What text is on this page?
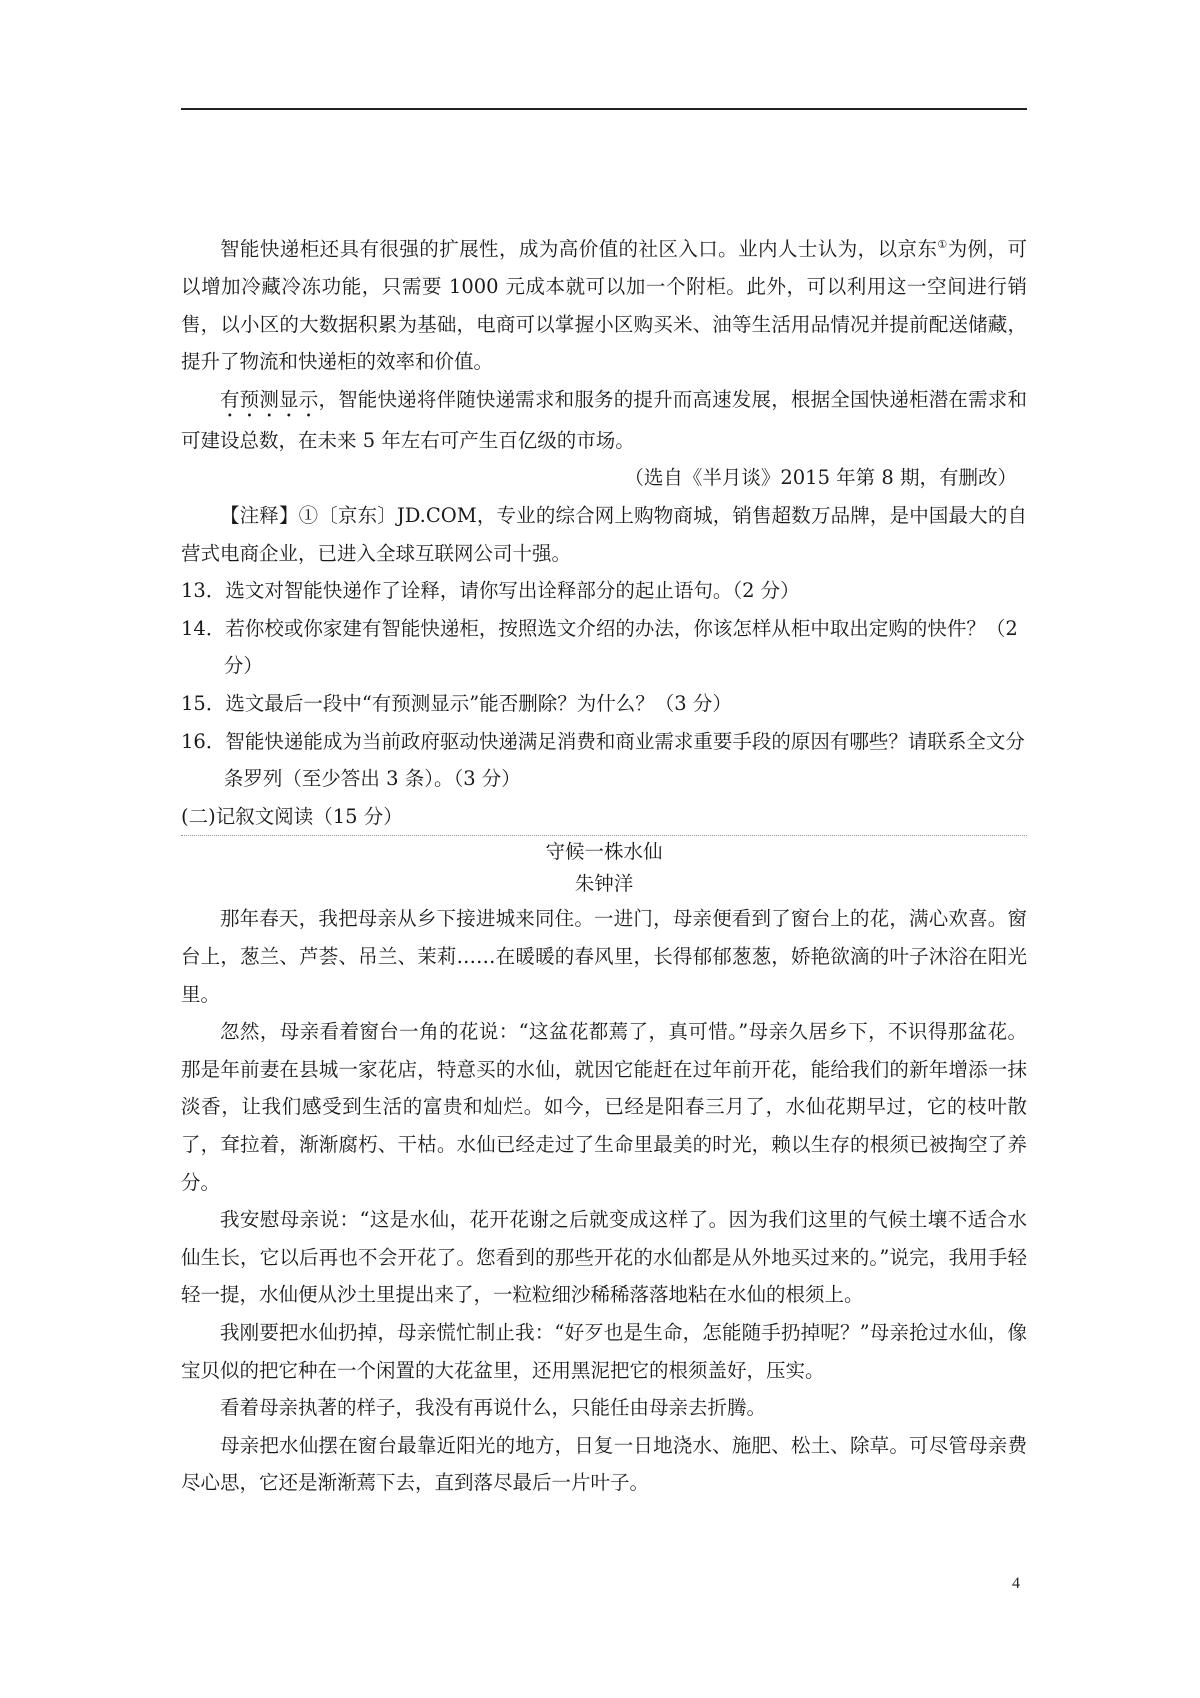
智能快递柜还具有很强的扩展性，成为高价值的社区入口。业内人士认为，以京东①为例，可以增加冷藏冷冻功能，只需要 1000 元成本就可以加一个附柜。此外，可以利用这一空间进行销售，以小区的大数据积累为基础，电商可以掌握小区购买米、油等生活用品情况并提前配送储藏，提升了物流和快递柜的效率和价值。

有预测显示，智能快递将伴随快递需求和服务的提升而高速发展，根据全国快递柜潜在需求和可建设总数，在未来 5 年左右可产生百亿级的市场。

（选自《半月谈》2015 年第 8 期，有删改）

【注释】①〔京东〕JD.COM，专业的综合网上购物商城，销售超数万品牌，是中国最大的自营式电商企业，已进入全球互联网公司十强。

13．选文对智能快递作了诠释，请你写出诠释部分的起止语句。（2 分）

14．若你校或你家建有智能快递柜，按照选文介绍的办法，你该怎样从柜中取出定购的快件？（2 分）

15．选文最后一段中“有预测显示”能否删除？为什么？（3 分）

16．智能快递能成为当前政府驱动快递满足消费和商业需求重要手段的原因有哪些？请联系全文分条罗列（至少答出 3 条）。（3 分）

(二)记叙文阅读（15 分）

守候一株水仙

朱钟洋

那年春天，我把母亲从乡下接进城来同住。一进门，母亲便看到了窗台上的花，满心欢喜。窗台上，葱兰、芦荟、吊兰、茉莉……在暖暖的春风里，长得郁郁葱葱，娇艳欲滴的叶子沐浴在阳光里。

忽然，母亲看着窗台一角的花说：“这盆花都蔫了，真可惜。”母亲久居乡下，不识得那盆花。那是年前妻在县城一家花店，特意买的水仙，就因它能赶在过年前开花，能给我们的新年增添一抹淡香，让我们感受到生活的富贵和灿烂。如今，已经是阳春三月了，水仙花期早过，它的枝叶散了，耷拉着，渐渐腐朽、干枯。水仙已经走过了生命里最美的时光，赖以生存的根须已被掏空了养分。

我安慰母亲说：“这是水仙，花开花谢之后就变成这样了。因为我们这里的气候土壤不适合水仙生长，它以后再也不会开花了。您看到的那些开花的水仙都是从外地买过来的。”说完，我用手轻轻一提，水仙便从沙土里提出来了，一粒粒细沙稀稀落落地粘在水仙的根须上。

我刚要把水仙扔掉，母亲慌忙制止我：“好歹也是生命，怎能随手扔掉呢？”母亲抢过水仙，像宝贝似的把它种在一个闲置的大花盆里，还用黑泥把它的根须盖好，压实。

看着母亲执著的样子，我没有再说什么，只能任由母亲去折腾。

母亲把水仙摆在窗台最靠近阳光的地方，日复一日地浇水、施肥、松土、除草。可尽管母亲费尽心思，它还是渐渐蔫下去，直到落尽最后一片叶子。

4
